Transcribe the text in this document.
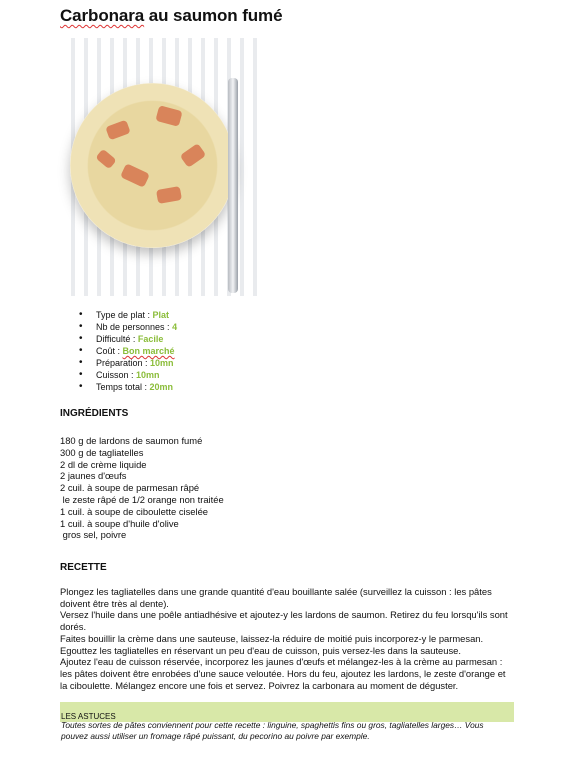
Carbonara au saumon fumé
• Type de plat : Plat
• Nb de personnes : 4
• Difficulté : Facile
• Coût : Bon marché
• Préparation : 10mn
• Cuisson : 10mn
• Temps total : 20mn
INGRÉDIENTS
180 g de lardons de saumon fumé
300 g de tagliatelles
2 dl de crème liquide
2 jaunes d'œufs
2 cuil. à soupe de parmesan râpé
le zeste râpé de 1/2 orange non traitée
1 cuil. à soupe de ciboulette ciselée
1 cuil. à soupe d'huile d'olive
gros sel, poivre
RECETTE
Plongez les tagliatelles dans une grande quantité d'eau bouillante salée (surveillez la cuisson : les pâtes doivent être très al dente).
Versez l'huile dans une poêle antiadhésive et ajoutez-y les lardons de saumon. Retirez du feu lorsqu'ils sont dorés.
Faites bouillir la crème dans une sauteuse, laissez-la réduire de moitié puis incorporez-y le parmesan.
Egouttez les tagliatelles en réservant un peu d'eau de cuisson, puis versez-les dans la sauteuse.
Ajoutez l'eau de cuisson réservée, incorporez les jaunes d'œufs et mélangez-les à la crème au parmesan : les pâtes doivent être enrobées d'une sauce veloutée. Hors du feu, ajoutez les lardons, le zeste d'orange et la ciboulette. Mélangez encore une fois et servez. Poivrez la carbonara au moment de déguster.
LES ASTUCES
Toutes sortes de pâtes conviennent pour cette recette : linguine, spaghettis fins ou gros, tagliatelles larges… Vous pouvez aussi utiliser un fromage râpé puissant, du pecorino au poivre par exemple.
